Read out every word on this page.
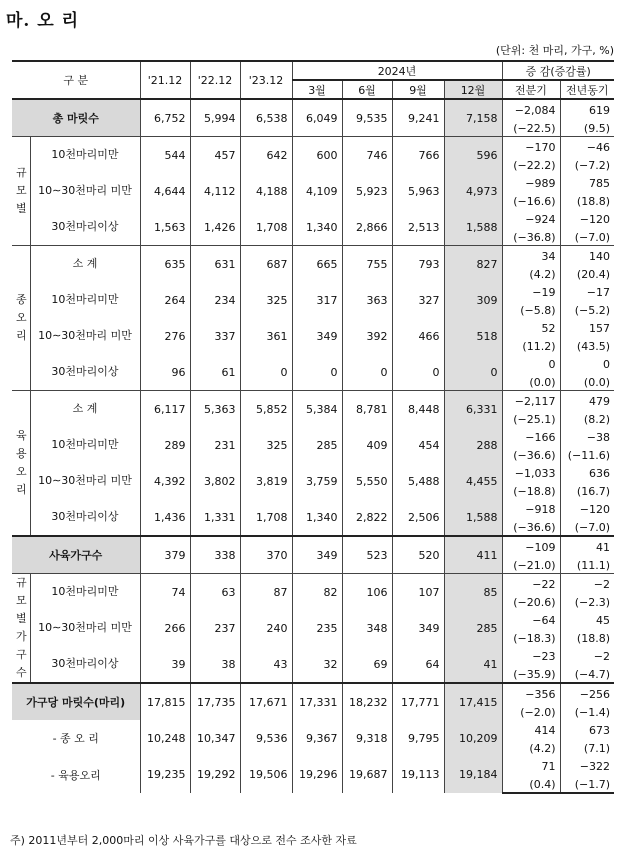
마. 오 리
(단위: 천 마리, 가구, %)
구 분		'21.12	'22.12	'23.12	2024년				증 감(증감률)	
					3월	6월	9월	12월	전분기	전년동기
총 마릿수		6,752	5,994	6,538	6,049	9,535	9,241	7,158	−2,084	619
									(−22.5)	(9.5)
규모별	10천마리미만	544	457	642	600	746	766	596	−170	−46
									(−22.2)	(−7.2)
	10∼30천마리 미만	4,644	4,112	4,188	4,109	5,923	5,963	4,973	−989	785
									(−16.6)	(18.8)
	30천마리이상	1,563	1,426	1,708	1,340	2,866	2,513	1,588	−924	−120
									(−36.8)	(−7.0)
종오리	소 계	635	631	687	665	755	793	827	34	140
									(4.2)	(20.4)
	10천마리미만	264	234	325	317	363	327	309	−19	−17
									(−5.8)	(−5.2)
	10∼30천마리 미만	276	337	361	349	392	466	518	52	157
									(11.2)	(43.5)
	30천마리이상	96	61	0	0	0	0	0	0	0
									(0.0)	(0.0)
육용오리	소 계	6,117	5,363	5,852	5,384	8,781	8,448	6,331	−2,117	479
									(−25.1)	(8.2)
	10천마리미만	289	231	325	285	409	454	288	−166	−38
									(−36.6)	(−11.6)
	10∼30천마리 미만	4,392	3,802	3,819	3,759	5,550	5,488	4,455	−1,033	636
									(−18.8)	(16.7)
	30천마리이상	1,436	1,331	1,708	1,340	2,822	2,506	1,588	−918	−120
									(−36.6)	(−7.0)
사육가구수		379	338	370	349	523	520	411	−109	41
									(−21.0)	(11.1)
규모별 가구수	10천마리미만	74	63	87	82	106	107	85	−22	−2
									(−20.6)	(−2.3)
	10∼30천마리 미만	266	237	240	235	348	349	285	−64	45
									(−18.3)	(18.8)
	30천마리이상	39	38	43	32	69	64	41	−23	−2
									(−35.9)	(−4.7)
가구당 마릿수(마리)		17,815	17,735	17,671	17,331	18,232	17,771	17,415	−356	−256
									(−2.0)	(−1.4)
- 종 오 리		10,248	10,347	9,536	9,367	9,318	9,795	10,209	414	673
									(4.2)	(7.1)
- 육용오리		19,235	19,292	19,506	19,296	19,687	19,113	19,184	71	−322
									(0.4)	(−1.7)
주) 2011년부터 2,000마리 이상 사육가구를 대상으로 전수 조사한 자료
